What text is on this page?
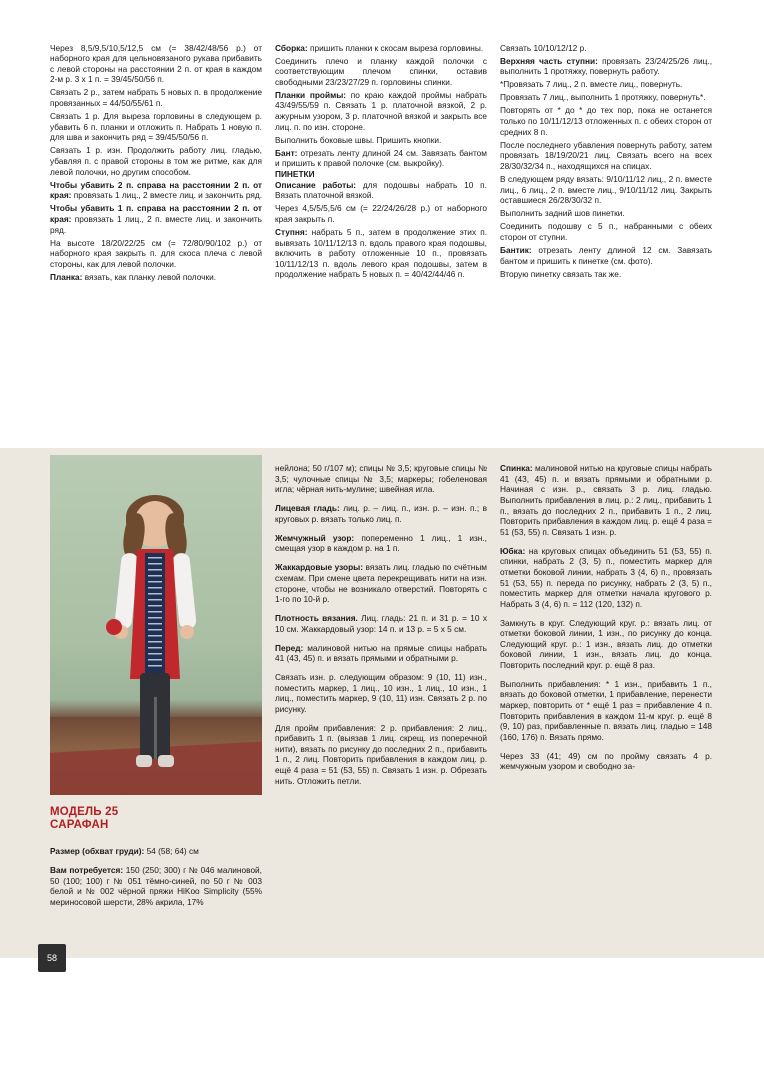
Через 8,5/9,5/10,5/12,5 см (= 38/42/48/56 р.) от наборного края для цельновязаного рукава прибавить с левой стороны на расстоянии 2 п. от края в каждом 2-м р. 3 х 1 п. = 39/45/50/56 п.

Связать 2 р., затем набрать 5 новых п. в продолжение провязанных = 44/50/55/61 п.

Связать 1 р. Для выреза горловины в следующем р. убавить 6 п. планки и отложить п. Набрать 1 новую п. для шва и закончить ряд = 39/45/50/56 п.

Связать 1 р. изн. Продолжить работу лиц. гладью, убавляя п. с правой стороны в том же ритме, как для левой полочки, но другим способом.

Чтобы убавить 2 п. справа на расстоянии 2 п. от края: провязать 1 лиц., 2 вместе лиц. и закончить ряд.

Чтобы убавить 1 п. справа на расстоянии 2 п. от края: провязать 1 лиц., 2 п. вместе лиц. и закончить ряд.

На высоте 18/20/22/25 см (= 72/80/90/102 р.) от наборного края закрыть п. для скоса плеча с левой стороны, как для левой полочки.

Планка: вязать, как планку левой полочки.

Сборка: пришить планки к скосам выреза горловины.

Соединить плечо и планку каждой полочки с соответствующим плечом спинки, оставив свободными 23/23/27/29 п. горловины спинки.

Планки проймы: по краю каждой проймы набрать 43/49/55/59 п. Связать 1 р. платочной вязкой, 2 р. ажурным узором, 3 р. платочной вязкой и закрыть все лиц. п. по изн. стороне.

Выполнить боковые швы. Пришить кнопки.

Бант: отрезать ленту длиной 24 см. Завязать бантом и пришить к правой полочке (см. выкройку).

ПИНЕТКИ

Описание работы: для подошвы набрать 10 п. Вязать платочной вязкой.

Через 4,5/5/5,5/6 см (= 22/24/26/28 р.) от наборного края закрыть п.

Ступня: набрать 5 п., затем в продолжение этих п. вывязать 10/11/12/13 п. вдоль правого края подошвы, включить в работу отложенные 10 п., провязать 10/11/12/13 п. вдоль левого края подошвы, затем в продолжение набрать 5 новых п. = 40/42/44/46 п.

Связать 10/10/12/12 р.

Верхняя часть ступни: провязать 23/24/25/26 лиц., выполнить 1 протяжку, повернуть работу.

*Провязать 7 лиц., 2 п. вместе лиц., повернуть.

Провязать 7 лиц., выполнить 1 протяжку, повернуть*.

Повторять от * до * до тех пор, пока не останется только по 10/11/12/13 отложенных п. с обеих сторон от средних 8 п.

После последнего убавления повернуть работу, затем провязать 18/19/20/21 лиц. Связать всего на всех 28/30/32/34 п., находящихся на спицах.

В следующем ряду вязать: 9/10/11/12 лиц., 2 п. вместе лиц., 6 лиц., 2 п. вместе лиц., 9/10/11/12 лиц. Закрыть оставшиеся 26/28/30/32 п.

Выполнить задний шов пинетки.

Соединить подошву с 5 п., набранными с обеих сторон от ступни.

Бантик: отрезать ленту длиной 12 см. Завязать бантом и пришить к пинетке (см. фото).

Вторую пинетку связать так же.

МОДЕЛЬ 25
САРАФАН

Размер (обхват груди): 54 (58; 64) см

Вам потребуется: 150 (250; 300) г № 046 малиновой, 50 (100; 100) г № 051 тёмно-синей, по 50 г № 003 белой и № 002 чёрной пряжи HiKoo Simplicity (55% мериносовой шерсти, 28% акрила, 17%

нейлона; 50 г/107 м); спицы № 3,5; круговые спицы № 3,5; чулочные спицы № 3,5; маркеры; гобеленовая игла; чёрная нить-мулине; швейная игла.

Лицевая гладь: лиц. р. – лиц. п., изн. р. – изн. п.; в круговых р. вязать только лиц. п.

Жемчужный узор: попеременно 1 лиц., 1 изн., смещая узор в каждом р. на 1 п.

Жаккардовые узоры: вязать лиц. гладью по счётным схемам. При смене цвета перекрещивать нити на изн. стороне, чтобы не возникало отверстий. Повторять с 1-го по 10-й р.

Плотность вязания. Лиц. гладь: 21 п. и 31 р. = 10 х 10 см. Жаккардовый узор: 14 п. и 13 р. = 5 х 5 см.

Перед: малиновой нитью на прямые спицы набрать 41 (43, 45) п. и вязать прямыми и обратными р.

Связать изн. р. следующим образом: 9 (10, 11) изн., поместить маркер, 1 лиц., 10 изн., 1 лиц., 10 изн., 1 лиц., поместить маркер, 9 (10, 11) изн. Связать 2 р. по рисунку.

Для пройм прибавления: 2 р. прибавления: 2 лиц., прибавить 1 п. (выязав 1 лиц. скрещ. из поперечной нити), вязать по рисунку до последних 2 п., прибавить 1 п., 2 лиц. Повторить прибавления в каждом лиц. р. ещё 4 раза = 51 (53, 55) п. Связать 1 изн. р. Обрезать нить. Отложить петли.

Спинка: малиновой нитью на круговые спицы набрать 41 (43, 45) п. и вязать прямыми и обратными р. Начиная с изн. р., связать 3 р. лиц. гладью. Выполнить прибавления в лиц. р.: 2 лиц., прибавить 1 п., вязать до последних 2 п., прибавить 1 п., 2 лиц. Повторить прибавления в каждом лиц. р. ещё 4 раза = 51 (53, 55) п. Связать 1 изн. р.

Юбка: на круговых спицах объединить 51 (53, 55) п. спинки, набрать 2 (3, 5) п., поместить маркер для отметки боковой линии, набрать 3 (4, 6) п., провязать 51 (53, 55) п. переда по рисунку, набрать 2 (3, 5) п., поместить маркер для отметки начала кругового р. Набрать 3 (4, 6) п. = 112 (120, 132) п.

Замкнуть в круг. Следующий круг. р.: вязать лиц. от отметки боковой линии, 1 изн., по рисунку до конца. Следующий круг. р.: 1 изн., вязать лиц. до отметки боковой линии, 1 изн., вязать лиц. до конца. Повторить последний круг. р. ещё 8 раз.

Выполнить прибавления: * 1 изн., прибавить 1 п., вязать до боковой отметки, 1 прибавление, перенести маркер, повторить от * ещё 1 раз = прибавление 4 п. Повторить прибавления в каждом 11-м круг. р. ещё 8 (9, 10) раз, прибавленные п. вязать лиц. гладью = 148 (160, 176) п. Вязать прямо.

Через 33 (41; 49) см по пройму связать 4 р. жемчужным узором и свободно за-

58
